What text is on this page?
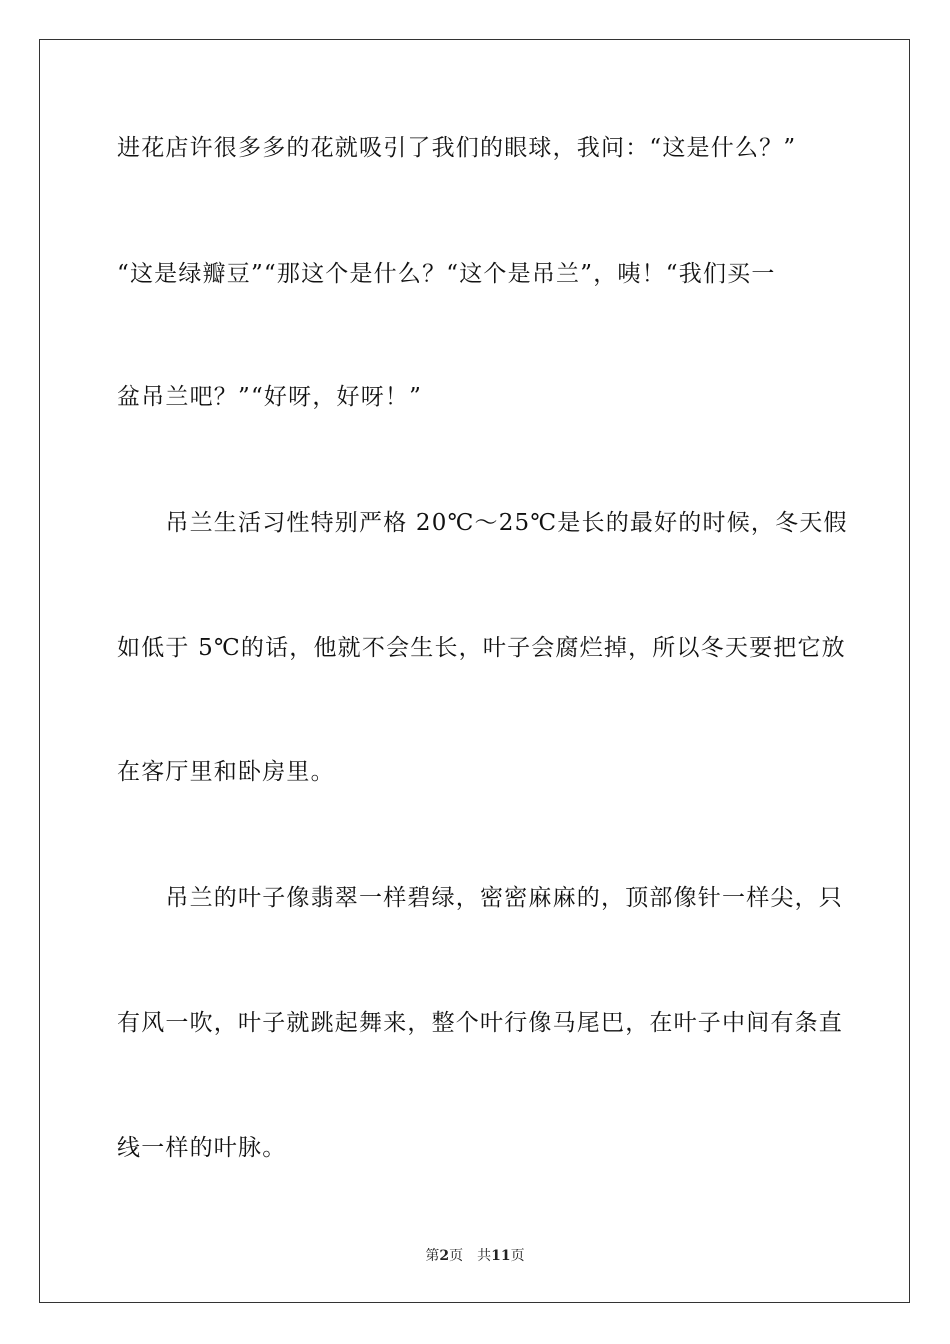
进花店许很多多的花就吸引了我们的眼球，我问：“这是什么？”
“这是绿瓣豆”“那这个是什么？“这个是吊兰”，咦！“我们买一
盆吊兰吧？”“好呀，好呀！”
　　吊兰生活习性特别严格 20℃～25℃是长的最好的时候，冬天假
如低于 5℃的话，他就不会生长，叶子会腐烂掉，所以冬天要把它放
在客厅里和卧房里。
　　吊兰的叶子像翡翠一样碧绿，密密麻麻的，顶部像针一样尖，只
有风一吹，叶子就跳起舞来，整个叶行像马尾巴，在叶子中间有条直
线一样的叶脉。
第2页 共11页
